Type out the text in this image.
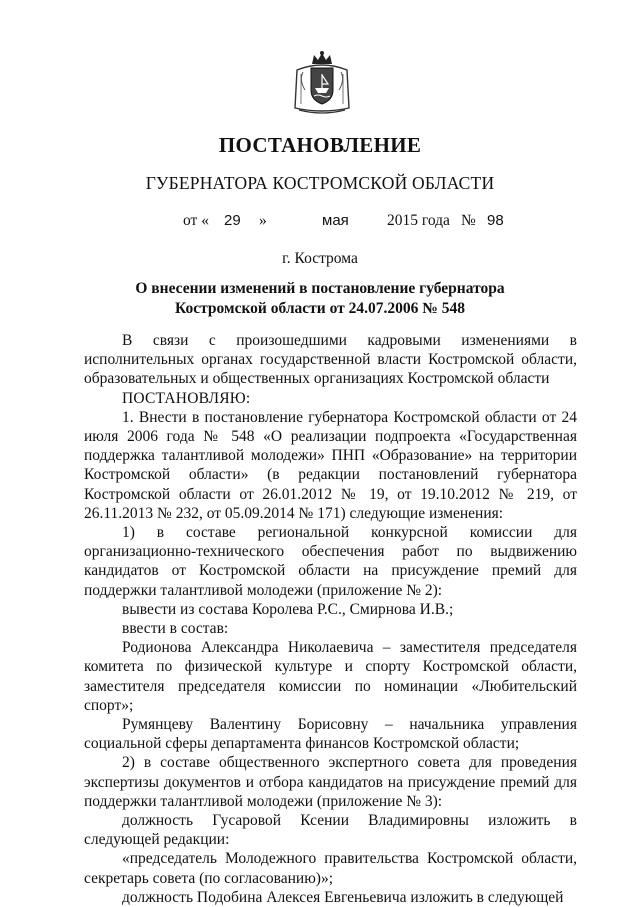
ПОСТАНОВЛЕНИЕ
ГУБЕРНАТОРА КОСТРОМСКОЙ ОБЛАСТИ
от « 29 »	мая 2015 года № 98
г. Кострома
О внесении изменений в постановление губернатора
Костромской области от 24.07.2006 № 548

В связи с произошедшими кадровыми изменениями в исполнительных органах государственной власти Костромской области, образовательных и общественных организациях Костромской области

ПОСТАНОВЛЯЮ:

1. Внести в постановление губернатора Костромской области от 24 июля 2006 года № 548 «О реализации подпроекта «Государственная поддержка талантливой молодежи» ПНП «Образование» на территории Костромской области» (в редакции постановлений губернатора Костромской области от 26.01.2012 № 19, от 19.10.2012 № 219, от 26.11.2013 № 232, от 05.09.2014 № 171) следующие изменения:

1) в составе региональной конкурсной комиссии для организационно-технического обеспечения работ по выдвижению кандидатов от Костромской области на присуждение премий для поддержки талантливой молодежи (приложение № 2):

вывести из состава Королева Р.С., Смирнова И.В.;

ввести в состав:

Родионова Александра Николаевича – заместителя председателя комитета по физической культуре и спорту Костромской области, заместителя председателя комиссии по номинации «Любительский спорт»;

Румянцеву Валентину Борисовну – начальника управления социальной сферы департамента финансов Костромской области;

2) в составе общественного экспертного совета для проведения экспертизы документов и отбора кандидатов на присуждение премий для поддержки талантливой молодежи (приложение № 3):

должность Гусаровой Ксении Владимировны изложить в следующей редакции:

«председатель Молодежного правительства Костромской области, секретарь совета (по согласованию)»;

должность Подобина Алексея Евгеньевича изложить в следующей
